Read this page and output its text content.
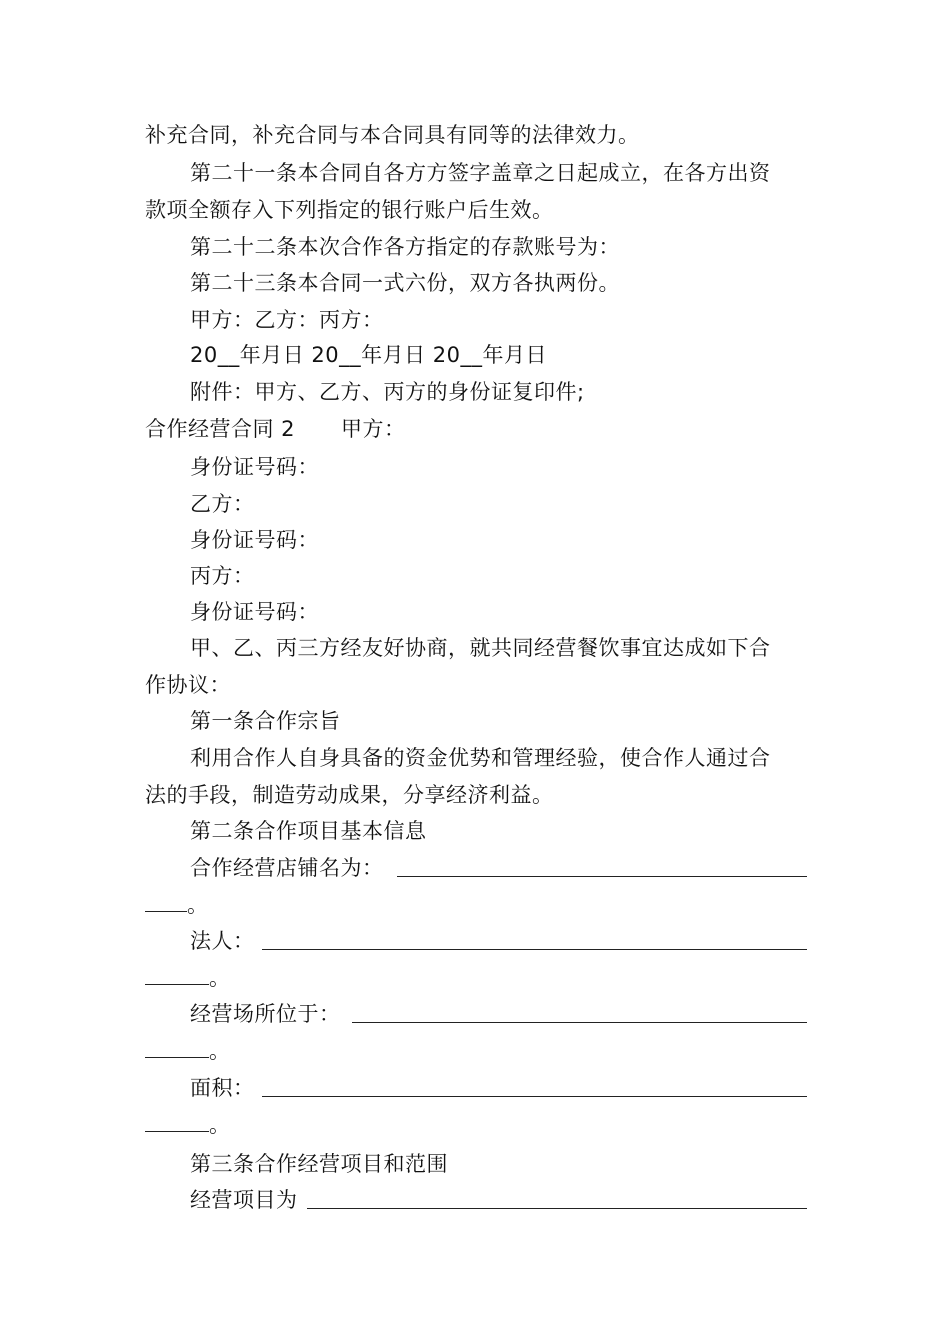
补充合同，补充合同与本合同具有同等的法律效力。
第二十一条本合同自各方方签字盖章之日起成立，在各方出资
款项全额存入下列指定的银行账户后生效。
第二十二条本次合作各方指定的存款账号为：
第二十三条本合同一式六份，双方各执两份。
甲方：乙方：丙方：
20__年月日 20__年月日 20__年月日
附件：甲方、乙方、丙方的身份证复印件;
合作经营合同 2 甲方：
身份证号码：
乙方：
身份证号码：
丙方：
身份证号码：
甲、乙、丙三方经友好协商，就共同经营餐饮事宜达成如下合
作协议：
第一条合作宗旨
利用合作人自身具备的资金优势和管理经验，使合作人通过合
法的手段，制造劳动成果，分享经济利益。
第二条合作项目基本信息
合作经营店铺名为：
。
法人：
。
经营场所位于：
。
面积：
。
第三条合作经营项目和范围
经营项目为
